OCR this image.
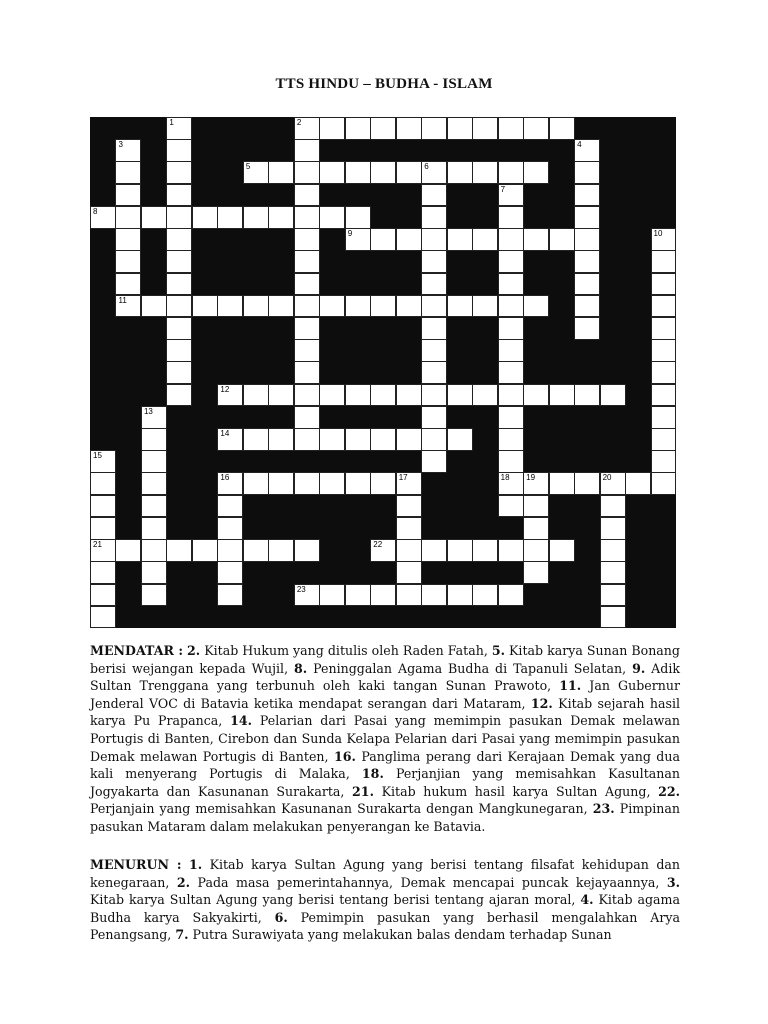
TTS HINDU – BUDHA - ISLAM
2
5	6
8
9
11
12
14
16	17	18 19	20
21	22
23
1
3	4
7
10
13
15

MENDATAR : 2. Kitab Hukum yang ditulis oleh Raden Fatah, 5. Kitab karya Sunan Bonang berisi wejangan kepada Wujil, 8. Peninggalan Agama Budha di Tapanuli Selatan, 9. Adik Sultan Trenggana yang terbunuh oleh kaki tangan Sunan Prawoto, 11. Jan Gubernur Jenderal VOC di Batavia ketika mendapat serangan dari Mataram, 12. Kitab sejarah hasil karya Pu Prapanca, 14. Pelarian dari Pasai yang memimpin pasukan Demak melawan Portugis di Banten, Cirebon dan Sunda Kelapa Pelarian dari Pasai yang memimpin pasukan Demak melawan Portugis di Banten, 16. Panglima perang dari Kerajaan Demak yang dua kali menyerang Portugis di Malaka, 18. Perjanjian yang memisahkan Kasultanan Jogyakarta dan Kasunanan Surakarta, 21. Kitab hukum hasil karya Sultan Agung, 22. Perjanjain yang memisahkan Kasunanan Surakarta dengan Mangkunegaran, 23. Pimpinan pasukan Mataram dalam melakukan penyerangan ke Batavia.

MENURUN : 1. Kitab karya Sultan Agung yang berisi tentang filsafat kehidupan dan kenegaraan, 2. Pada masa pemerintahannya, Demak mencapai puncak kejayaannya, 3. Kitab karya Sultan Agung yang berisi tentang berisi tentang ajaran moral, 4. Kitab agama Budha karya Sakyakirti, 6. Pemimpin pasukan yang berhasil mengalahkan Arya Penangsang, 7. Putra Surawiyata yang melakukan balas dendam terhadap Sunan
